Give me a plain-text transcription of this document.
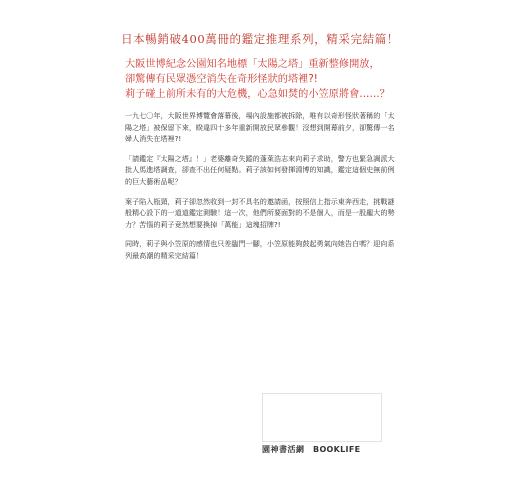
日本暢銷破400萬冊的鑑定推理系列，精采完結篇！
大阪世博紀念公園知名地標「太陽之塔」重新整修開放，
卻驚傳有民眾憑空消失在奇形怪狀的塔裡?!
莉子碰上前所未有的大危機，心急如焚的小笠原將會……？

一九七〇年，大阪世界博覽會落幕後，場內設施都被拆除，唯有以奇形怪狀著稱的「太陽之塔」被保留下來，睽違四十多年重新開放民眾參觀！沒想到開幕前夕，卻驚傳一名婦人消失在塔裡?!

「請鑑定『太陽之塔』！」老婆離奇失蹤的蓬萊浩志來向莉子求助，警方也緊急調派大批人馬進塔調查，卻查不出任何疑點。莉子該如何發揮淵博的知識，鑑定這個史無前例的巨大藝術品呢？

案子陷入瓶頸，莉子卻忽然收到一封不具名的邀請函，按照信上指示東奔西走，挑戰謎般精心設下的一道道鑑定測驗！這一次，他們所要面對的不是個人，而是一股龐大的勢力？苦惱的莉子竟然想要換掉「萬能」這塊招牌?!

同時，莉子與小笠原的感情也只差臨門一腳，小笠原能夠鼓起勇氣向她告白嗎？迎向系列最高潮的精采完結篇！

園神書活網 BOOKLIFE
